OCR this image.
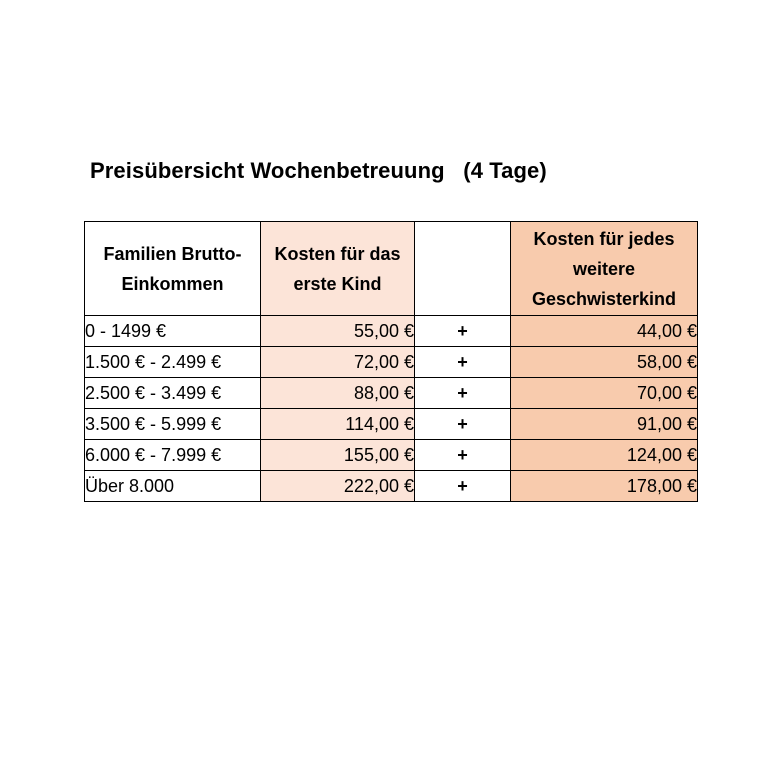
Preisübersicht Wochenbetreuung   (4 Tage)
Familien Brutto-Einkommen	Kosten für das erste Kind		Kosten für jedes weitere Geschwisterkind
0 - 1499 €	55,00 €	+	44,00 €
1.500 € - 2.499 €	72,00 €	+	58,00 €
2.500 € - 3.499 €	88,00 €	+	70,00 €
3.500 € - 5.999 €	114,00 €	+	91,00 €
6.000 € - 7.999 €	155,00 €	+	124,00 €
Über 8.000	222,00 €	+	178,00 €
